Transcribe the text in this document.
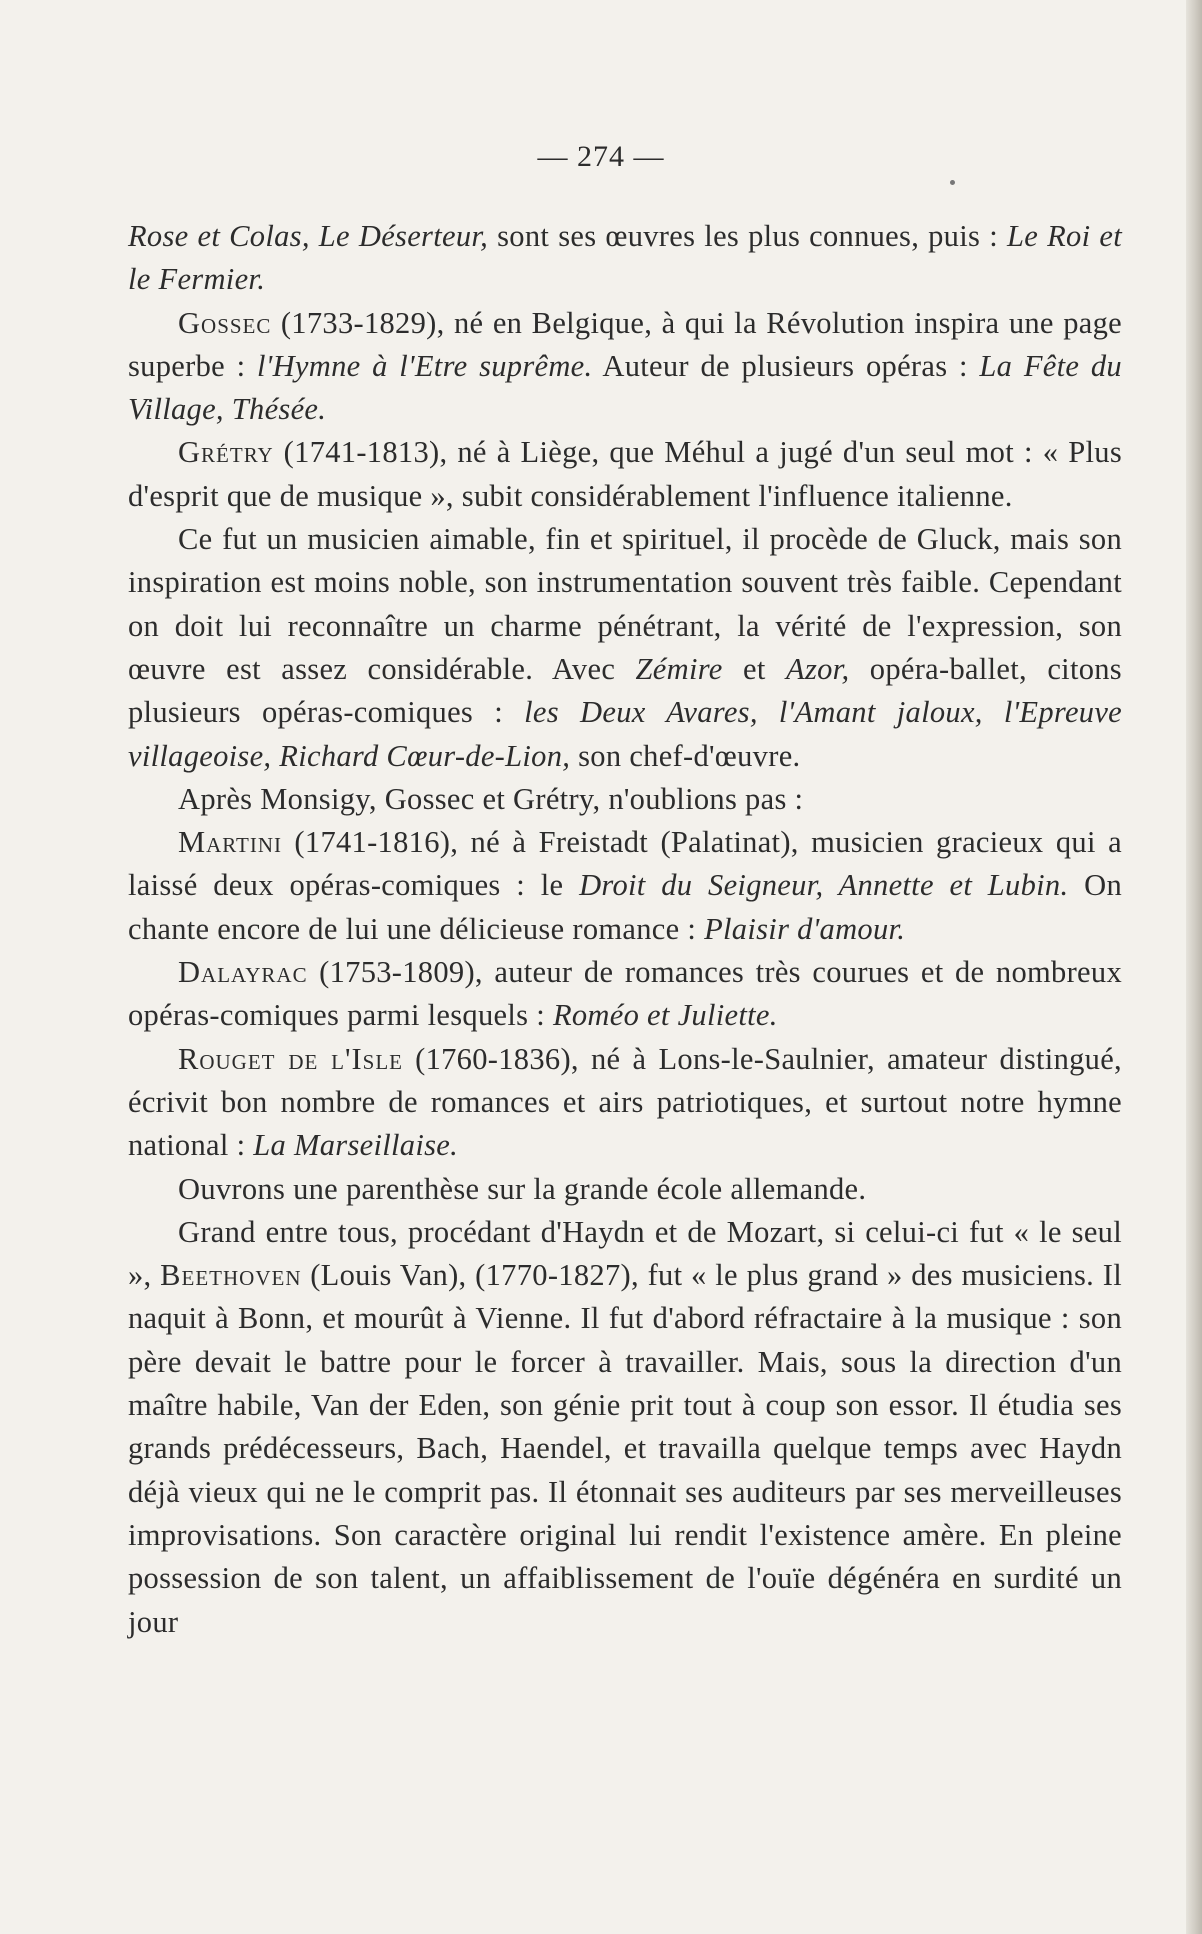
— 274 —

Rose et Colas, Le Déserteur, sont ses œuvres les plus connues, puis : Le Roi et le Fermier.

Gossec (1733-1829), né en Belgique, à qui la Révolution inspira une page superbe : l'Hymne à l'Etre suprême. Auteur de plusieurs opéras : La Fête du Village, Thésée.

Grétry (1741-1813), né à Liège, que Méhul a jugé d'un seul mot : « Plus d'esprit que de musique », subit considérablement l'influence italienne.

Ce fut un musicien aimable, fin et spirituel, il procède de Gluck, mais son inspiration est moins noble, son instrumentation souvent très faible. Cependant on doit lui reconnaître un charme pénétrant, la vérité de l'expression, son œuvre est assez considérable. Avec Zémire et Azor, opéra-ballet, citons plusieurs opéras-comiques : les Deux Avares, l'Amant jaloux, l'Epreuve villageoise, Richard Cœur-de-Lion, son chef-d'œuvre.

Après Monsigy, Gossec et Grétry, n'oublions pas :

Martini (1741-1816), né à Freistadt (Palatinat), musicien gracieux qui a laissé deux opéras-comiques : le Droit du Seigneur, Annette et Lubin. On chante encore de lui une délicieuse romance : Plaisir d'amour.

Dalayrac (1753-1809), auteur de romances très courues et de nombreux opéras-comiques parmi lesquels : Roméo et Juliette.

Rouget de l'Isle (1760-1836), né à Lons-le-Saulnier, amateur distingué, écrivit bon nombre de romances et airs patriotiques, et surtout notre hymne national : La Marseillaise.

Ouvrons une parenthèse sur la grande école allemande.

Grand entre tous, procédant d'Haydn et de Mozart, si celui-ci fut « le seul », Beethoven (Louis Van), (1770-1827), fut « le plus grand » des musiciens. Il naquit à Bonn, et mourût à Vienne. Il fut d'abord réfractaire à la musique : son père devait le battre pour le forcer à travailler. Mais, sous la direction d'un maître habile, Van der Eden, son génie prit tout à coup son essor. Il étudia ses grands prédécesseurs, Bach, Haendel, et travailla quelque temps avec Haydn déjà vieux qui ne le comprit pas. Il étonnait ses auditeurs par ses merveilleuses improvisations. Son caractère original lui rendit l'existence amère. En pleine possession de son talent, un affaiblissement de l'ouïe dégénéra en surdité un jour
